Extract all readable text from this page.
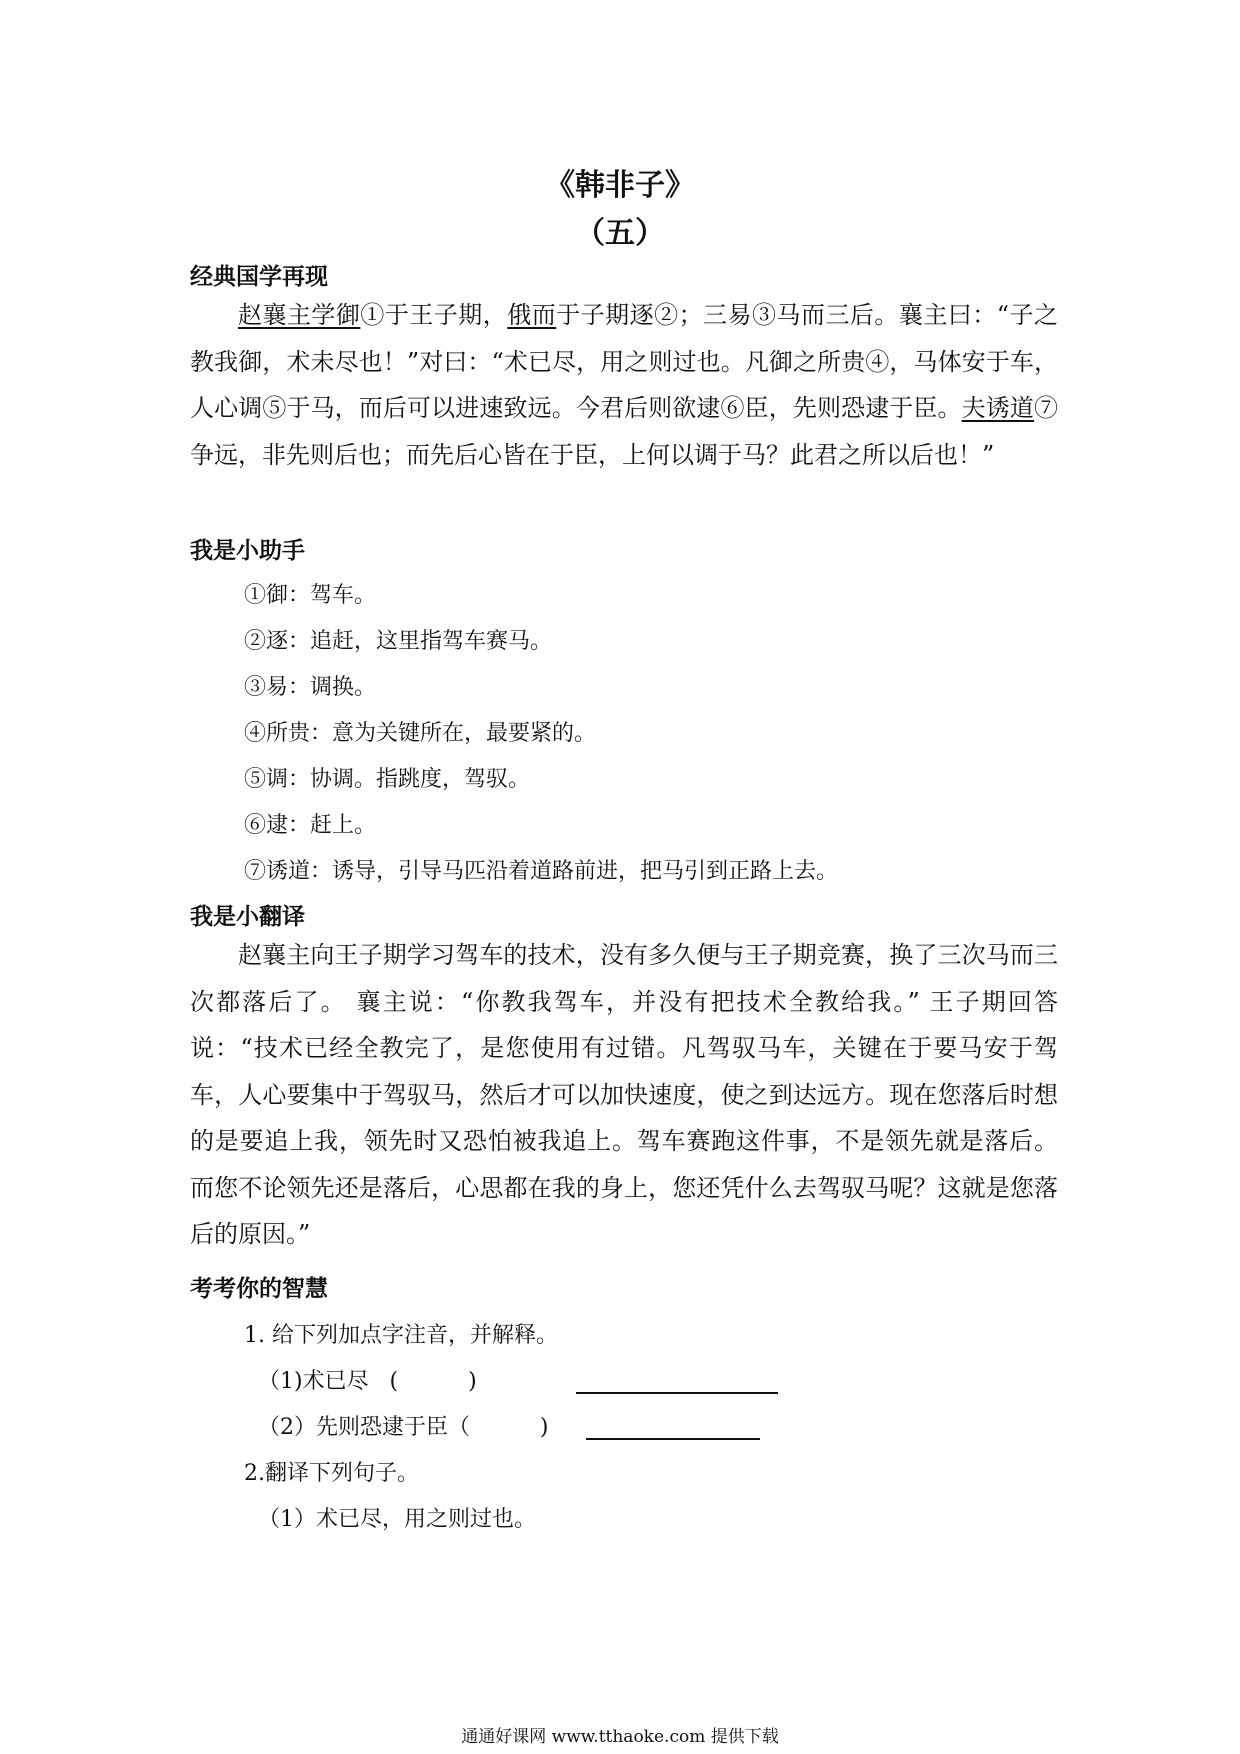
《韩非子》
（五）
经典国学再现
赵襄主学御①于王子期，俄而于子期逐②；三易③马而三后。襄主曰：“子之教我御，术未尽也！”对曰：“术已尽，用之则过也。凡御之所贵④，马体安于车，人心调⑤于马，而后可以进速致远。今君后则欲逮⑥臣，先则恐逮于臣。夫诱道⑦争远，非先则后也；而先后心皆在于臣，上何以调于马？此君之所以后也！”
我是小助手
①御：驾车。
②逐：追赶，这里指驾车赛马。
③易：调换。
④所贵：意为关键所在，最要紧的。
⑤调：协调。指跳度，驾驭。
⑥逮：赶上。
⑦诱道：诱导，引导马匹沿着道路前进，把马引到正路上去。
我是小翻译
赵襄主向王子期学习驾车的技术，没有多久便与王子期竞赛，换了三次马而三次都落后了。 襄主说：“你教我驾车，并没有把技术全教给我。” 王子期回答说：“技术已经全教完了，是您使用有过错。凡驾驭马车，关键在于要马安于驾车，人心要集中于驾驭马，然后才可以加快速度，使之到达远方。现在您落后时想的是要追上我，领先时又恐怕被我追上。驾车赛跑这件事，不是领先就是落后。 而您不论领先还是落后，心思都在我的身上，您还凭什么去驾驭马呢？这就是您落后的原因。”
考考你的智慧
1. 给下列加点字注音，并解释。
（1)术已尽   (          )
（2）先则恐逮于臣（          )
2.翻译下列句子。
（1）术已尽，用之则过也。
通通好课网 www.tthaoke.com 提供下载
